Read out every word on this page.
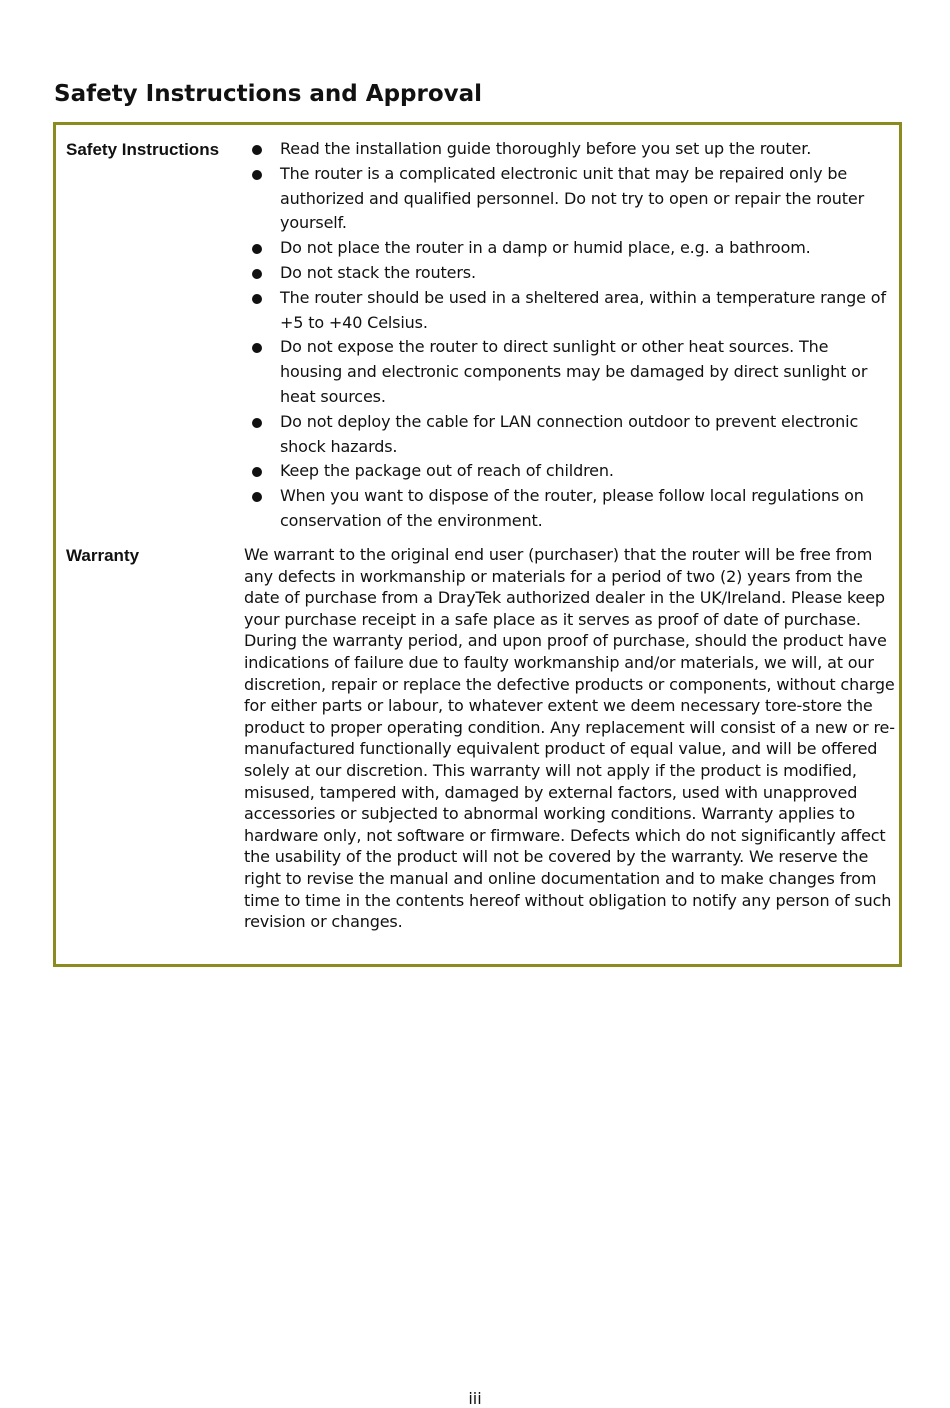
Safety Instructions and Approval
Safety Instructions	Read the installation guide thoroughly before you set up the router.
The router is a complicated electronic unit that may be repaired only be authorized and qualified personnel. Do not try to open or repair the router yourself.
Do not place the router in a damp or humid place, e.g. a bathroom.
Do not stack the routers.
The router should be used in a sheltered area, within a temperature range of +5 to +40 Celsius.
Do not expose the router to direct sunlight or other heat sources. The housing and electronic components may be damaged by direct sunlight or heat sources.
Do not deploy the cable for LAN connection outdoor to prevent electronic shock hazards.
Keep the package out of reach of children.
When you want to dispose of the router, please follow local regulations on conservation of the environment.
Warranty	We warrant to the original end user (purchaser) that the router will be free from any defects in workmanship or materials for a period of two (2) years from the date of purchase from a DrayTek authorized dealer in the UK/Ireland. Please keep your purchase receipt in a safe place as it serves as proof of date of purchase. During the warranty period, and upon proof of purchase, should the product have indications of failure due to faulty workmanship and/or materials, we will, at our discretion, repair or replace the defective products or components, without charge for either parts or labour, to whatever extent we deem necessary tore-store the product to proper operating condition. Any replacement will consist of a new or re-manufactured functionally equivalent product of equal value, and will be offered solely at our discretion. This warranty will not apply if the product is modified, misused, tampered with, damaged by external factors, used with unapproved accessories or subjected to abnormal working conditions. Warranty applies to hardware only, not software or firmware. Defects which do not significantly affect the usability of the product will not be covered by the warranty. We reserve the right to revise the manual and online documentation and to make changes from time to time in the contents hereof without obligation to notify any person of such revision or changes.

iii
